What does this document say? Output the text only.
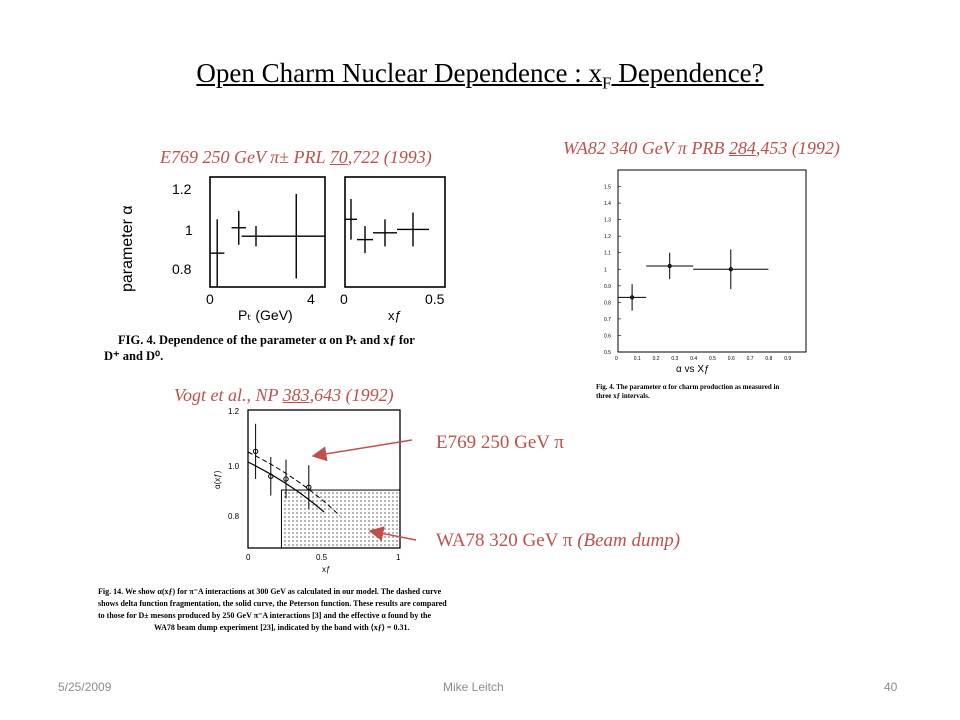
Open Charm Nuclear Dependence : $x_F$ Dependence?
E769 250 GeV π± PRL 70,722 (1993)	WA82 340 GeV π PRB 284,453 (1992)
Vogt et al., NP 383,643 (1992)
parameter α
1.2
1
0.8
0	4 0	0.5
Pₜ (GeV)	xƒ
FIG. 4. Dependence of the parameter α on Pₜ and xƒ for
D⁺ and D⁰.
1.5
1.4
1.3
1.2
1.1
1
0.9
0.8
0.7
0.6
0.5
0	0.1 0.2 0.3 0.4 0.5 0.6 0.7 0.8 0.9
α vs Xƒ
Fig. 4. The parameter α for charm production as measured in
three xƒ intervals.
1.2
1.0
0.8
α(xƒ)
0	0.5	1
xƒ
Fig. 14. We show α(xƒ) for π⁻A interactions at 300 GeV as calculated in our model. The dashed curve
shows delta function fragmentation, the solid curve, the Peterson function. These results are compared
to those for D± mesons produced by 250 GeV π⁻A interactions [3] and the effective α found by the
WA78 beam dump experiment [23], indicated by the band with ⟨xƒ⟩ = 0.31.
E769 250 GeV π
WA78 320 GeV π (Beam dump)
5/25/2009	Mike Leitch	40
